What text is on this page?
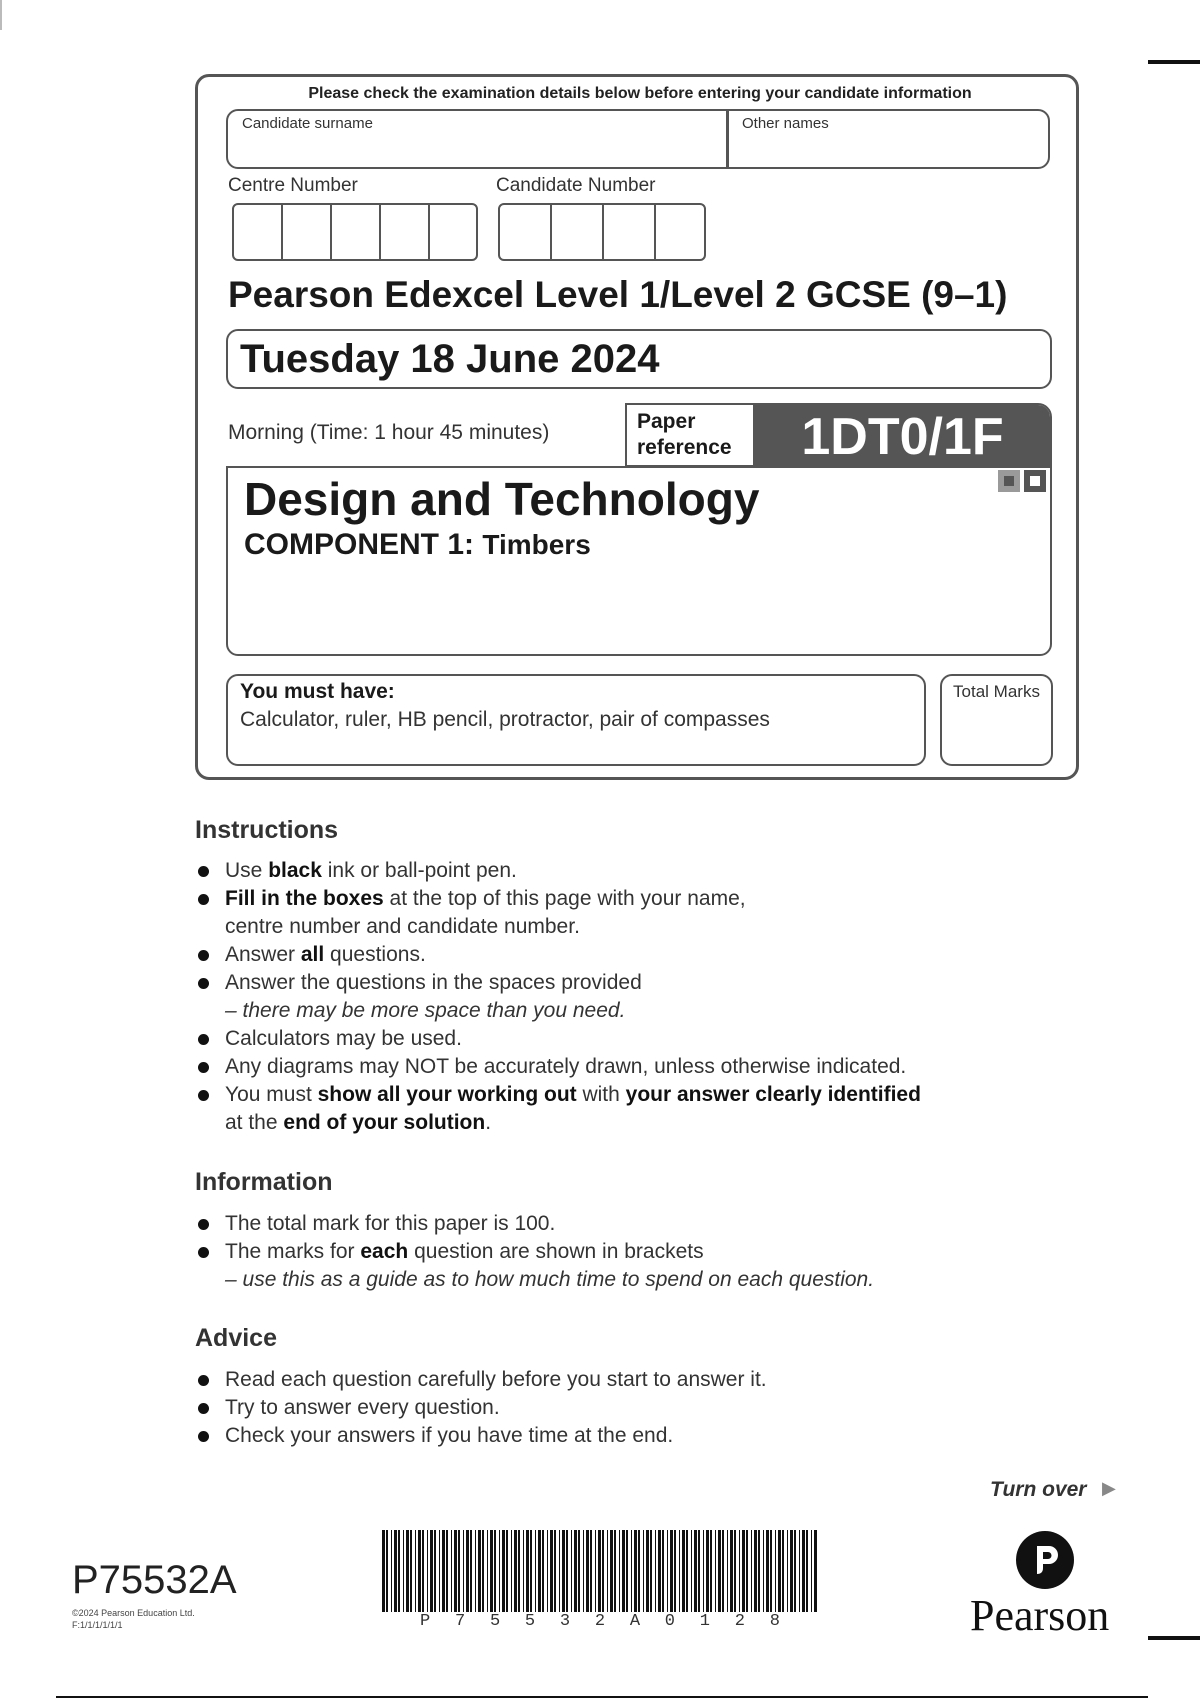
Please check the examination details below before entering your candidate information
Candidate surname	Other names
Centre Number	Candidate Number
Pearson Edexcel Level 1/Level 2 GCSE (9–1)
Tuesday 18 June 2024
Morning (Time: 1 hour 45 minutes)	Paper
reference	1DT0/1F
Design and Technology
COMPONENT 1: Timbers
You must have:
Calculator, ruler, HB pencil, protractor, pair of compasses
Total Marks
Instructions
Use black ink or ball-point pen.
Fill in the boxes at the top of this page with your name,
centre number and candidate number.
Answer all questions.
Answer the questions in the spaces provided
– there may be more space than you need.
Calculators may be used.
Any diagrams may NOT be accurately drawn, unless otherwise indicated.
You must show all your working out with your answer clearly identified
at the end of your solution.
Information
The total mark for this paper is 100.
The marks for each question are shown in brackets
– use this as a guide as to how much time to spend on each question.
Advice
Read each question carefully before you start to answer it.
Try to answer every question.
Check your answers if you have time at the end.
Turn over ▶
P75532A
©2024 Pearson Education Ltd.
F:1/1/1/1/1/1	P 7 5 5 3 2 A 0 1 2 8	Pearson
